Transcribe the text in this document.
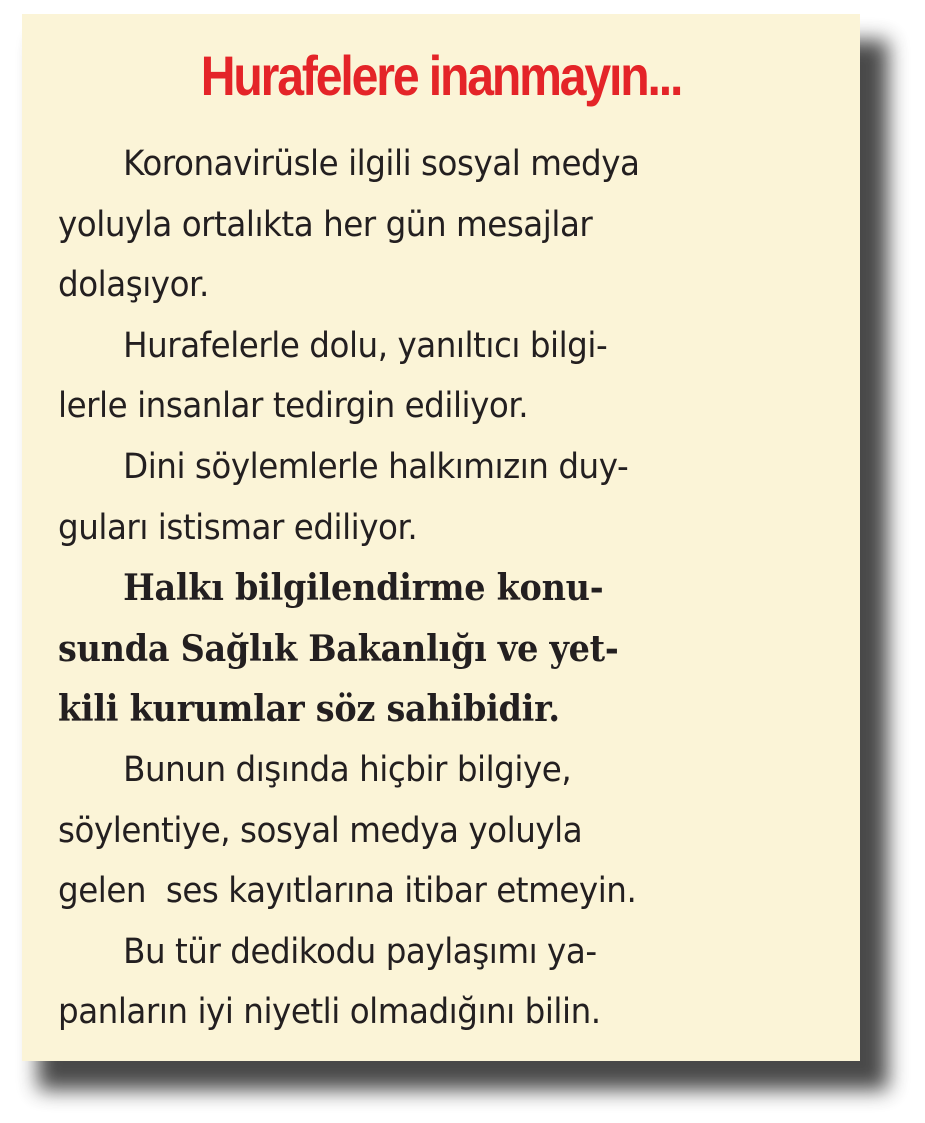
Hurafelere inanmayın...
Koronavirüsle ilgili sosyal medya
yoluyla ortalıkta her gün mesajlar
dolaşıyor.
Hurafelerle dolu, yanıltıcı bilgi-
lerle insanlar tedirgin ediliyor.
Dini söylemlerle halkımızın duy-
guları istismar ediliyor.
Halkı bilgilendirme konu-
sunda Sağlık Bakanlığı ve yet-
kili kurumlar söz sahibidir.
Bunun dışında hiçbir bilgiye,
söylentiye, sosyal medya yoluyla
gelen  ses kayıtlarına itibar etmeyin.
Bu tür dedikodu paylaşımı ya-
panların iyi niyetli olmadığını bilin.
